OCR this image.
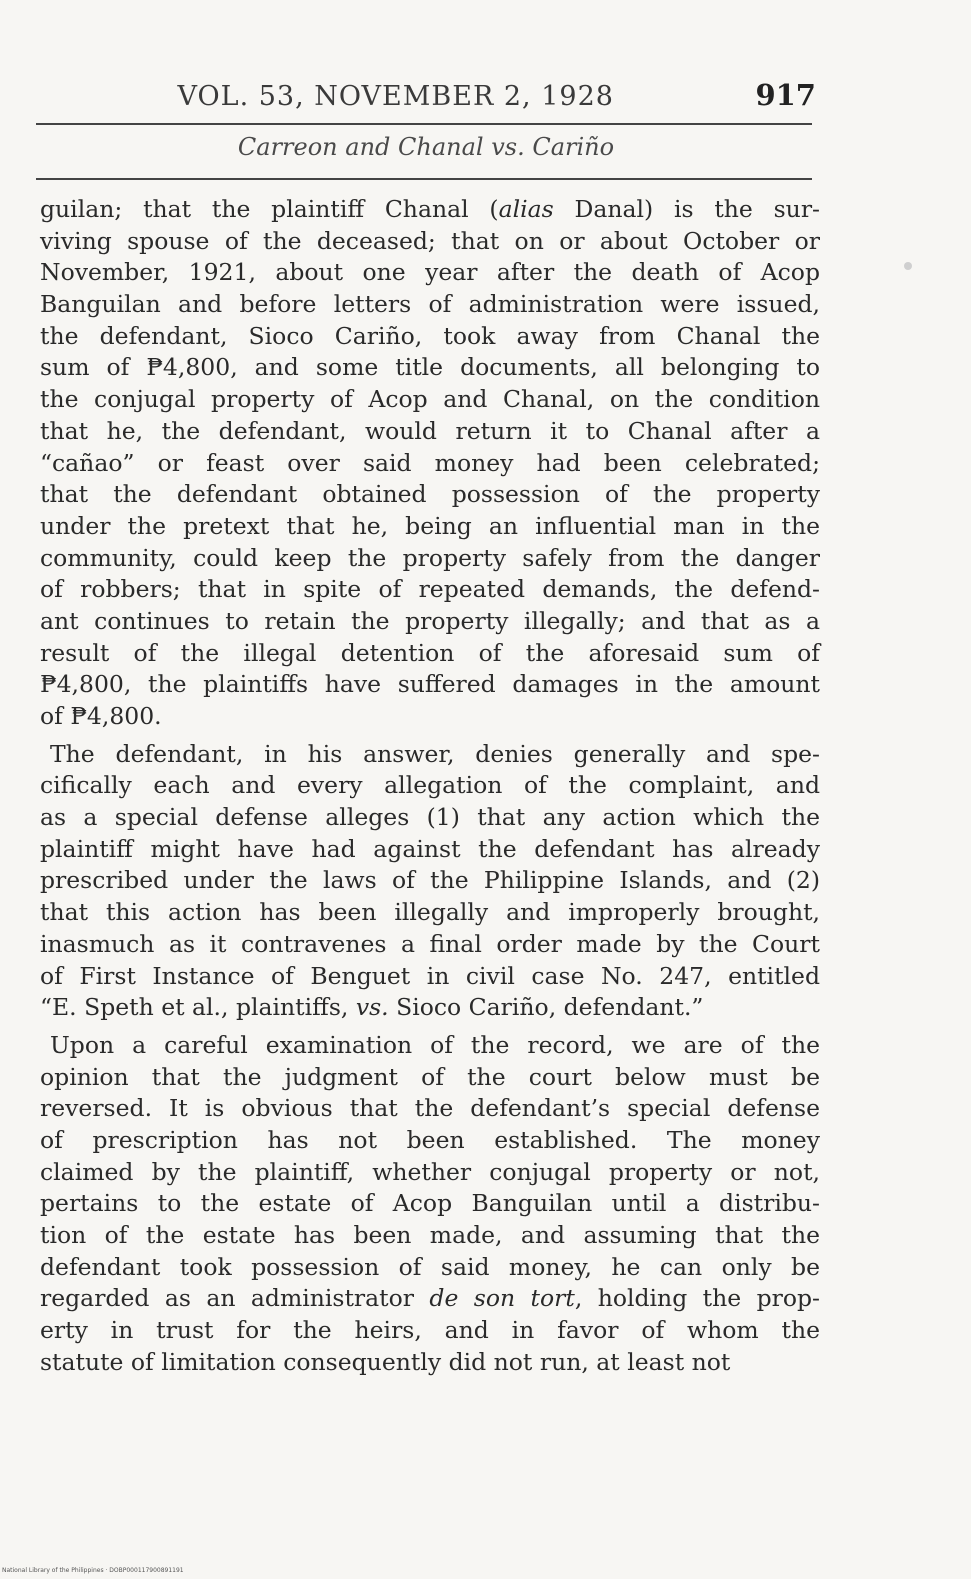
VOL. 53, NOVEMBER 2, 1928	917
Carreon and Chanal vs. Cariño
guilan; that the plaintiff Chanal (alias Danal) is the sur-
viving spouse of the deceased; that on or about October or
November, 1921, about one year after the death of Acop
Banguilan and before letters of administration were issued,
the defendant, Sioco Cariño, took away from Chanal the
sum of ₱4,800, and some title documents, all belonging to
the conjugal property of Acop and Chanal, on the condition
that he, the defendant, would return it to Chanal after a
“cañao” or feast over said money had been celebrated;
that the defendant obtained possession of the property
under the pretext that he, being an influential man in the
community, could keep the property safely from the danger
of robbers; that in spite of repeated demands, the defend-
ant continues to retain the property illegally; and that as a
result of the illegal detention of the aforesaid sum of
₱4,800, the plaintiffs have suffered damages in the amount
of ₱4,800.
The defendant, in his answer, denies generally and spe-
cifically each and every allegation of the complaint, and
as a special defense alleges (1) that any action which the
plaintiff might have had against the defendant has already
prescribed under the laws of the Philippine Islands, and (2)
that this action has been illegally and improperly brought,
inasmuch as it contravenes a final order made by the Court
of First Instance of Benguet in civil case No. 247, entitled
“E. Speth et al., plaintiffs, vs. Sioco Cariño, defendant.”
Upon a careful examination of the record, we are of the
opinion that the judgment of the court below must be
reversed. It is obvious that the defendant’s special defense
of prescription has not been established. The money
claimed by the plaintiff, whether conjugal property or not,
pertains to the estate of Acop Banguilan until a distribu-
tion of the estate has been made, and assuming that the
defendant took possession of said money, he can only be
regarded as an administrator de son tort, holding the prop-
erty in trust for the heirs, and in favor of whom the
statute of limitation consequently did not run, at least not
National Library of the Philippines · DOBP000117900891191
